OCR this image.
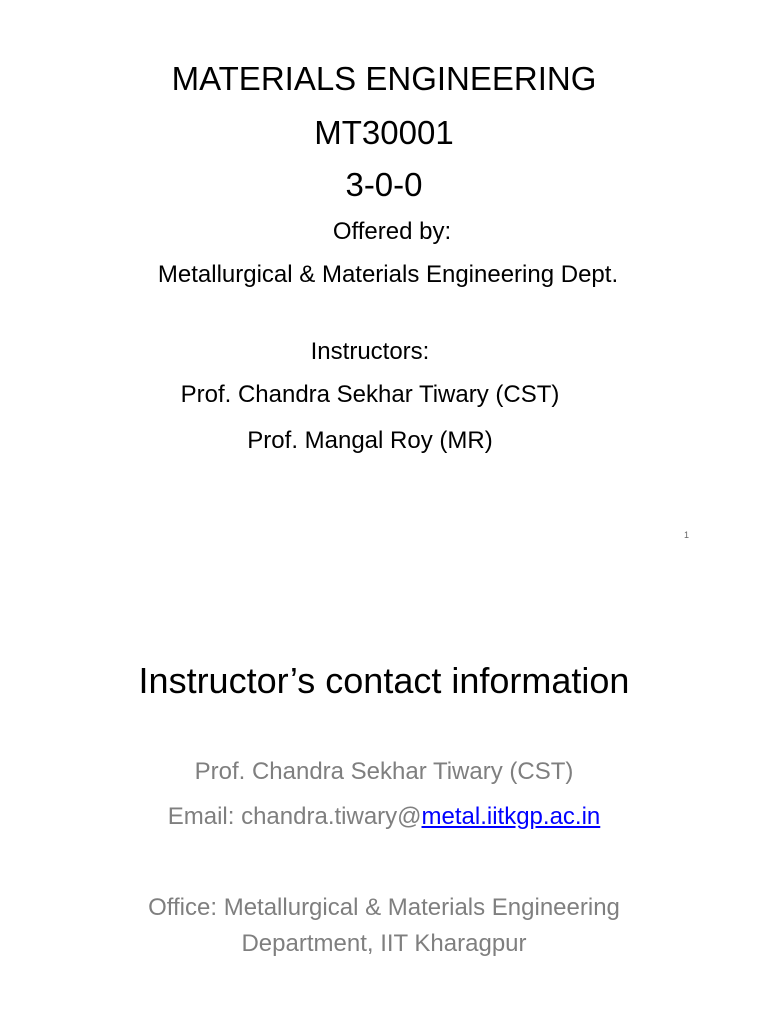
MATERIALS ENGINEERING
MT30001
3-0-0
Offered by:
Metallurgical & Materials Engineering Dept.
Instructors:
Prof. Chandra Sekhar Tiwary (CST)
Prof. Mangal Roy (MR)
1
Instructor’s contact information
Prof. Chandra Sekhar Tiwary (CST)
Email: chandra.tiwary@metal.iitkgp.ac.in
Office: Metallurgical & Materials Engineering
Department, IIT Kharagpur
